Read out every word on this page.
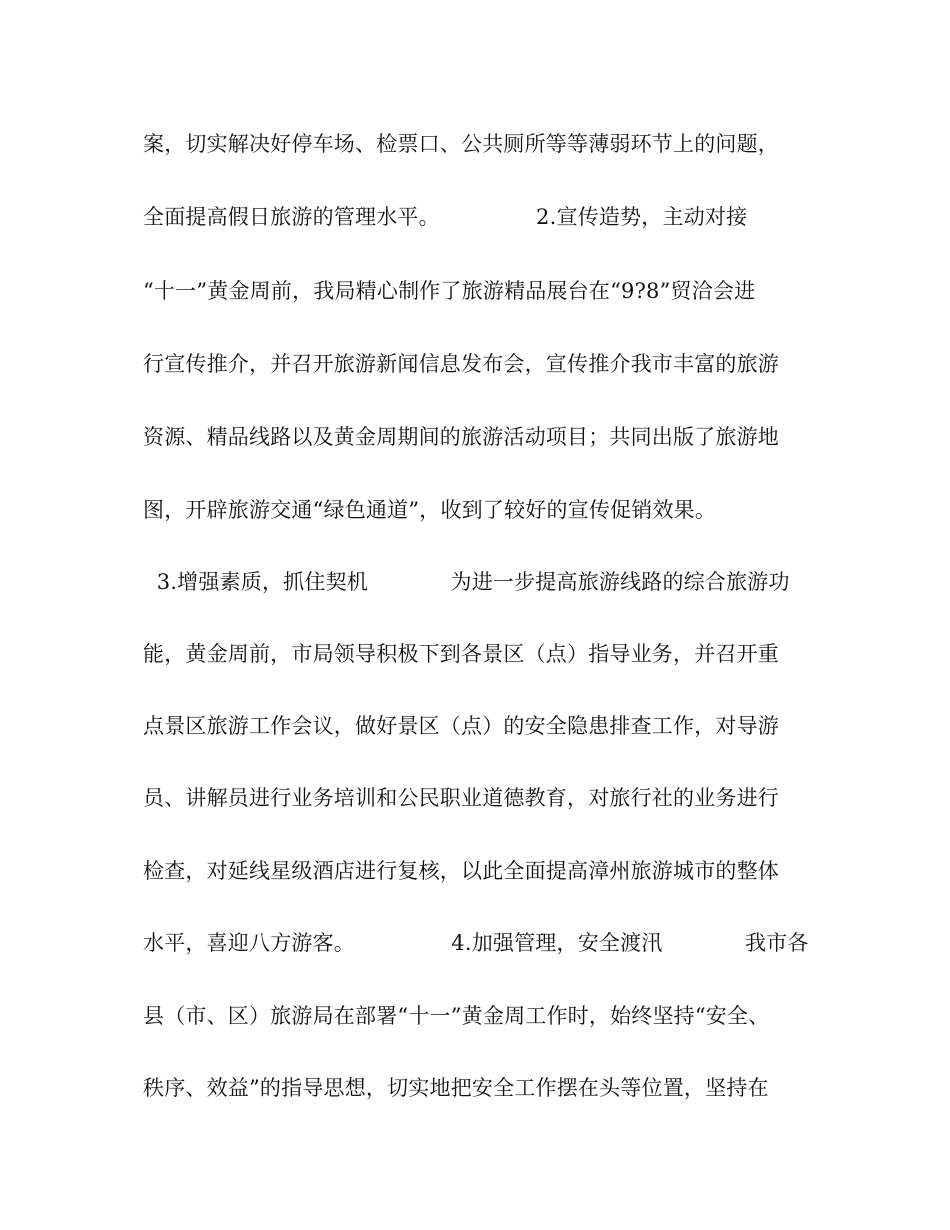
案，切实解决好停车场、检票口、公共厕所等等薄弱环节上的问题，
全面提高假日旅游的管理水平。              2.宣传造势，主动对接
“十一”黄金周前，我局精心制作了旅游精品展台在“9?8”贸洽会进
行宣传推介，并召开旅游新闻信息发布会，宣传推介我市丰富的旅游
资源、精品线路以及黄金周期间的旅游活动项目；共同出版了旅游地
图，开辟旅游交通“绿色通道”，收到了较好的宣传促销效果。
3.增强素质，抓住契机            为进一步提高旅游线路的综合旅游功
能，黄金周前，市局领导积极下到各景区（点）指导业务，并召开重
点景区旅游工作会议，做好景区（点）的安全隐患排查工作，对导游
员、讲解员进行业务培训和公民职业道德教育，对旅行社的业务进行
检查，对延线星级酒店进行复核，以此全面提高漳州旅游城市的整体
水平，喜迎八方游客。              4.加强管理，安全渡汛            我市各
县（市、区）旅游局在部署“十一”黄金周工作时，始终坚持“安全、
秩序、效益”的指导思想，切实地把安全工作摆在头等位置，坚持在
